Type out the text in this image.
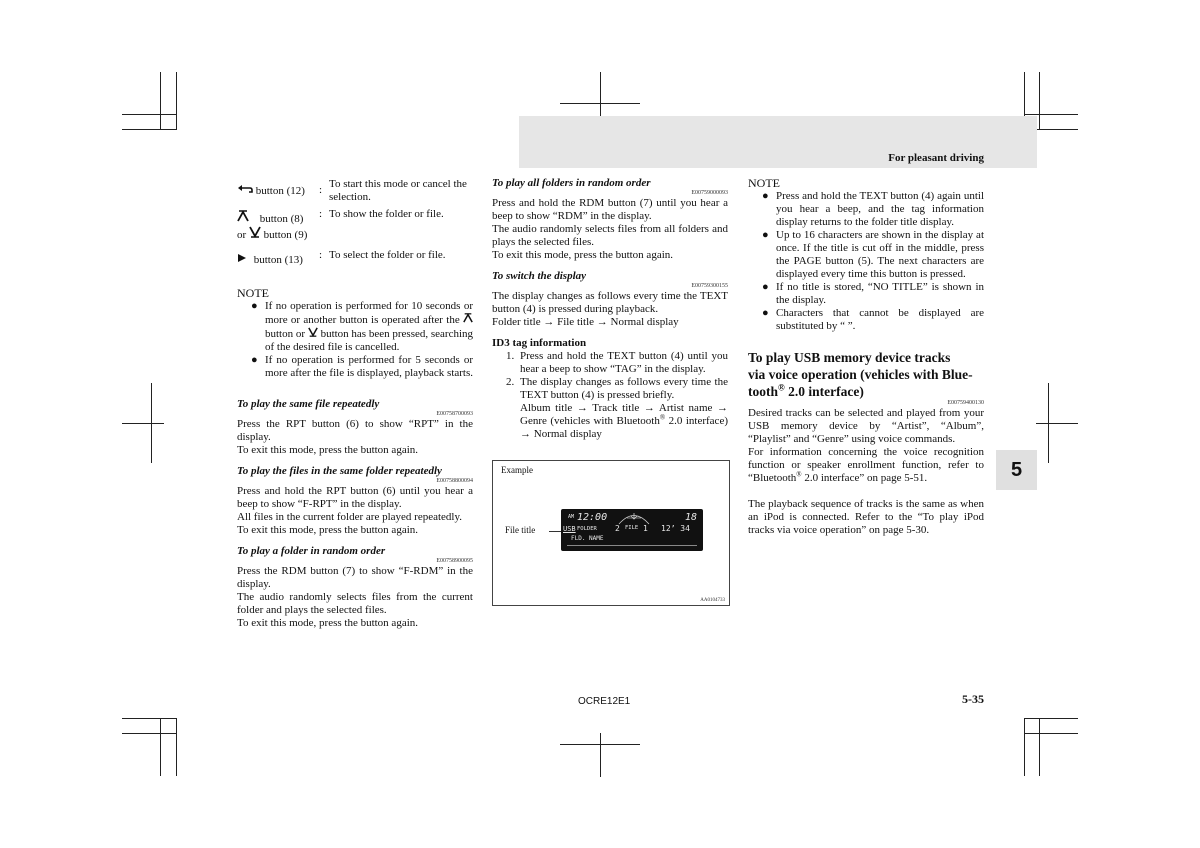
For pleasant driving
5
button (12)	: To start this mode or cancel the selection.
button (8)
or button (9)
: To show the folder or file.
button (13)	: To select the folder or file.

NOTE

● If no operation is performed for 10 seconds or more or another button is operated after the  button or button has been pressed, searching of the desired file is cancelled.
● If no operation is performed for 5 seconds or more after the file is displayed, playback starts.

To play the same file repeatedly

E00758700093

Press the RPT button (6) to show “RPT” in the display.

To exit this mode, press the button again.

To play the files in the same folder repeatedly

E00758800094

Press and hold the RPT button (6) until you hear a beep to show “F-RPT” in the display.

All files in the current folder are played repeatedly.

To exit this mode, press the button again.

To play a folder in random order

E00758900095

Press the RDM button (7) to show “F-RDM” in the display.

The audio randomly selects files from the current folder and plays the selected files.

To exit this mode, press the button again.

To play all folders in random order

E00759000093

Press and hold the RDM button (7) until you hear a beep to show “RDM” in the display.

The audio randomly selects files from all folders and plays the selected files.

To exit this mode, press the button again.

To switch the display

E00759300155

The display changes as follows every time the TEXT button (4) is pressed during playback.

Folder title → File title → Normal display

ID3 tag information

1. Press and hold the TEXT button (4) until you hear a beep to show “TAG” in the display.
2. The display changes as follows every time the TEXT button (4) is pressed briefly.
Album title → Track title → Artist name → Genre (vehicles with Bluetooth® 2.0 interface) → Normal display
Example
File title
AM 12:00	18
USB FOLDER 2 FILE 1 12’ 34
FLD. NAME
AA0104733

NOTE

● Press and hold the TEXT button (4) again until you hear a beep, and the tag information display returns to the folder title display.
● Up to 16 characters are shown in the display at once. If the title is cut off in the middle, press the PAGE button (5). The next characters are displayed every time this button is pressed.
● If no title is stored, “NO TITLE” is shown in the display.
● Characters that cannot be displayed are substituted by “ ”.

To play USB memory device tracks
via voice operation (vehicles with Blue-
tooth® 2.0 interface)

E00759400130

Desired tracks can be selected and played from your USB memory device by “Artist”, “Album”, “Playlist” and “Genre” using voice commands.

For information concerning the voice recognition function or speaker enrollment function, refer to “Bluetooth® 2.0 interface” on page 5-51.

The playback sequence of tracks is the same as when an iPod is connected. Refer to the “To play iPod tracks via voice operation” on page 5-30.

OCRE12E1	5-35
